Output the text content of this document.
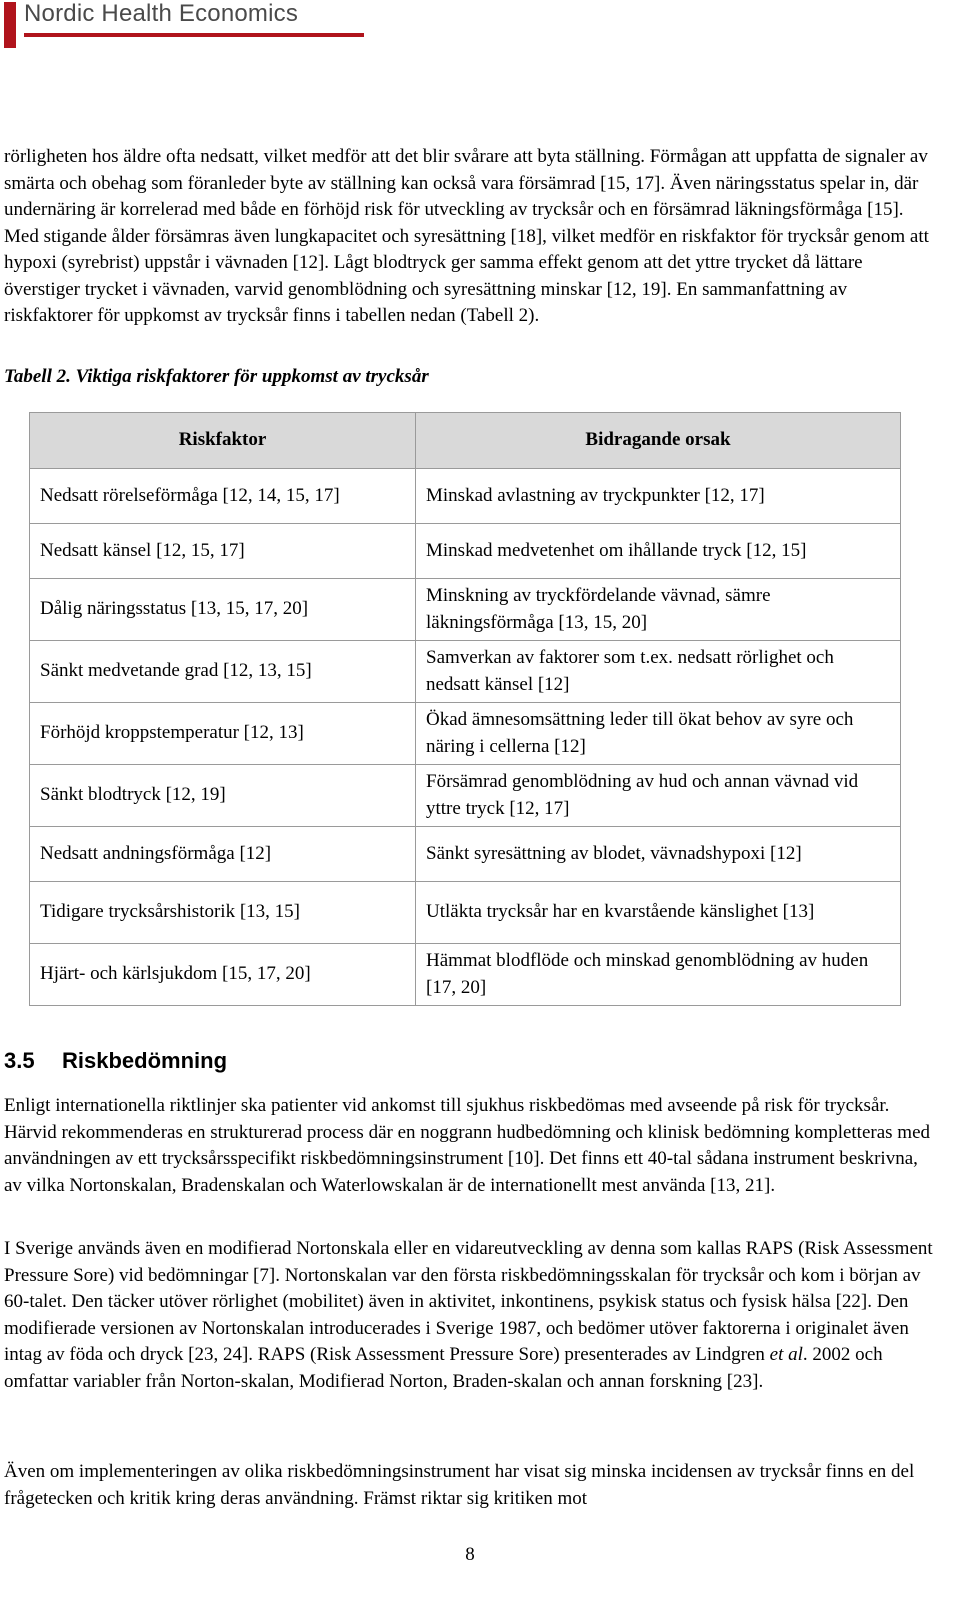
Nordic Health Economics

rörligheten hos äldre ofta nedsatt, vilket medför att det blir svårare att byta ställning. Förmågan att uppfatta de signaler av smärta och obehag som föranleder byte av ställning kan också vara försämrad [15, 17]. Även näringsstatus spelar in, där undernäring är korrelerad med både en förhöjd risk för utveckling av trycksår och en försämrad läkningsförmåga [15]. Med stigande ålder försämras även lungkapacitet och syresättning [18], vilket medför en riskfaktor för trycksår genom att hypoxi (syrebrist) uppstår i vävnaden [12]. Lågt blodtryck ger samma effekt genom att det yttre trycket då lättare överstiger trycket i vävnaden, varvid genomblödning och syresättning minskar [12, 19]. En sammanfattning av riskfaktorer för uppkomst av trycksår finns i tabellen nedan (Tabell 2).

Tabell 2. Viktiga riskfaktorer för uppkomst av trycksår
Riskfaktor	Bidragande orsak
Nedsatt rörelseförmåga [12, 14, 15, 17]	Minskad avlastning av tryckpunkter [12, 17]
Nedsatt känsel [12, 15, 17]	Minskad medvetenhet om ihållande tryck [12, 15]
Dålig näringsstatus [13, 15, 17, 20]	Minskning av tryckfördelande vävnad, sämre läkningsförmåga [13, 15, 20]
Sänkt medvetande grad [12, 13, 15]	Samverkan av faktorer som t.ex. nedsatt rörlighet och nedsatt känsel [12]
Förhöjd kroppstemperatur [12, 13]	Ökad ämnesomsättning leder till ökat behov av syre och näring i cellerna [12]
Sänkt blodtryck [12, 19]	Försämrad genomblödning av hud och annan vävnad vid yttre tryck [12, 17]
Nedsatt andningsförmåga [12]	Sänkt syresättning av blodet, vävnadshypoxi [12]
Tidigare trycksårshistorik [13, 15]	Utläkta trycksår har en kvarstående känslighet [13]
Hjärt- och kärlsjukdom [15, 17, 20]	Hämmat blodflöde och minskad genomblödning av huden [17, 20]
3.5 Riskbedömning

Enligt internationella riktlinjer ska patienter vid ankomst till sjukhus riskbedömas med avseende på risk för trycksår. Härvid rekommenderas en strukturerad process där en noggrann hudbedömning och klinisk bedömning kompletteras med användningen av ett trycksårsspecifikt riskbedömningsinstrument [10]. Det finns ett 40-tal sådana instrument beskrivna, av vilka Nortonskalan, Bradenskalan och Waterlowskalan är de internationellt mest använda [13, 21].

I Sverige används även en modifierad Nortonskala eller en vidareutveckling av denna som kallas RAPS (Risk Assessment Pressure Sore) vid bedömningar [7]. Nortonskalan var den första riskbedömningsskalan för trycksår och kom i början av 60-talet. Den täcker utöver rörlighet (mobilitet) även in aktivitet, inkontinens, psykisk status och fysisk hälsa [22]. Den modifierade versionen av Nortonskalan introducerades i Sverige 1987, och bedömer utöver faktorerna i originalet även intag av föda och dryck [23, 24]. RAPS (Risk Assessment Pressure Sore) presenterades av Lindgren et al. 2002 och omfattar variabler från Norton-skalan, Modifierad Norton, Braden-skalan och annan forskning [23].

Även om implementeringen av olika riskbedömningsinstrument har visat sig minska incidensen av trycksår finns en del frågetecken och kritik kring deras användning. Främst riktar sig kritiken mot

8
